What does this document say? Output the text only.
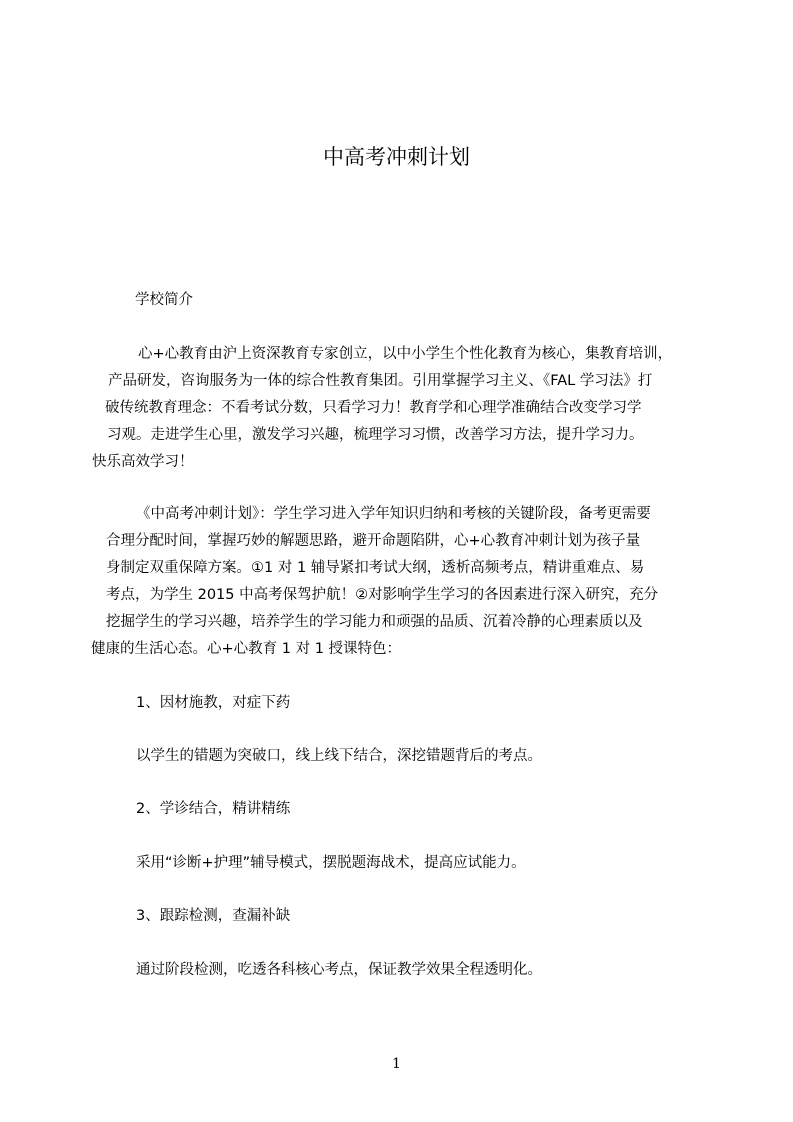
中高考冲刺计划

学校简介

心+心教育由沪上资深教育专家创立，以中小学生个性化教育为核心，集教育培训，

产品研发，咨询服务为一体的综合性教育集团。引用掌握学习主义、《FAL 学习法》打

破传统教育理念：不看考试分数，只看学习力！教育学和心理学准确结合改变学习学

习观。走进学生心里，激发学习兴趣，梳理学习习惯，改善学习方法，提升学习力。

快乐高效学习！

《中高考冲刺计划》：学生学习进入学年知识归纳和考核的关键阶段，备考更需要

合理分配时间，掌握巧妙的解题思路，避开命题陷阱，心+心教育冲刺计划为孩子量

身制定双重保障方案。①1 对 1 辅导紧扣考试大纲，透析高频考点，精讲重难点、易

考点，为学生 2015 中高考保驾护航！②对影响学生学习的各因素进行深入研究，充分

挖掘学生的学习兴趣，培养学生的学习能力和顽强的品质、沉着冷静的心理素质以及

健康的生活心态。心+心教育 1 对 1 授课特色：

1、因材施教，对症下药

以学生的错题为突破口，线上线下结合，深挖错题背后的考点。

2、学诊结合，精讲精练

采用“诊断+护理”辅导模式，摆脱题海战术，提高应试能力。

3、跟踪检测，查漏补缺

通过阶段检测，吃透各科核心考点，保证教学效果全程透明化。

1
